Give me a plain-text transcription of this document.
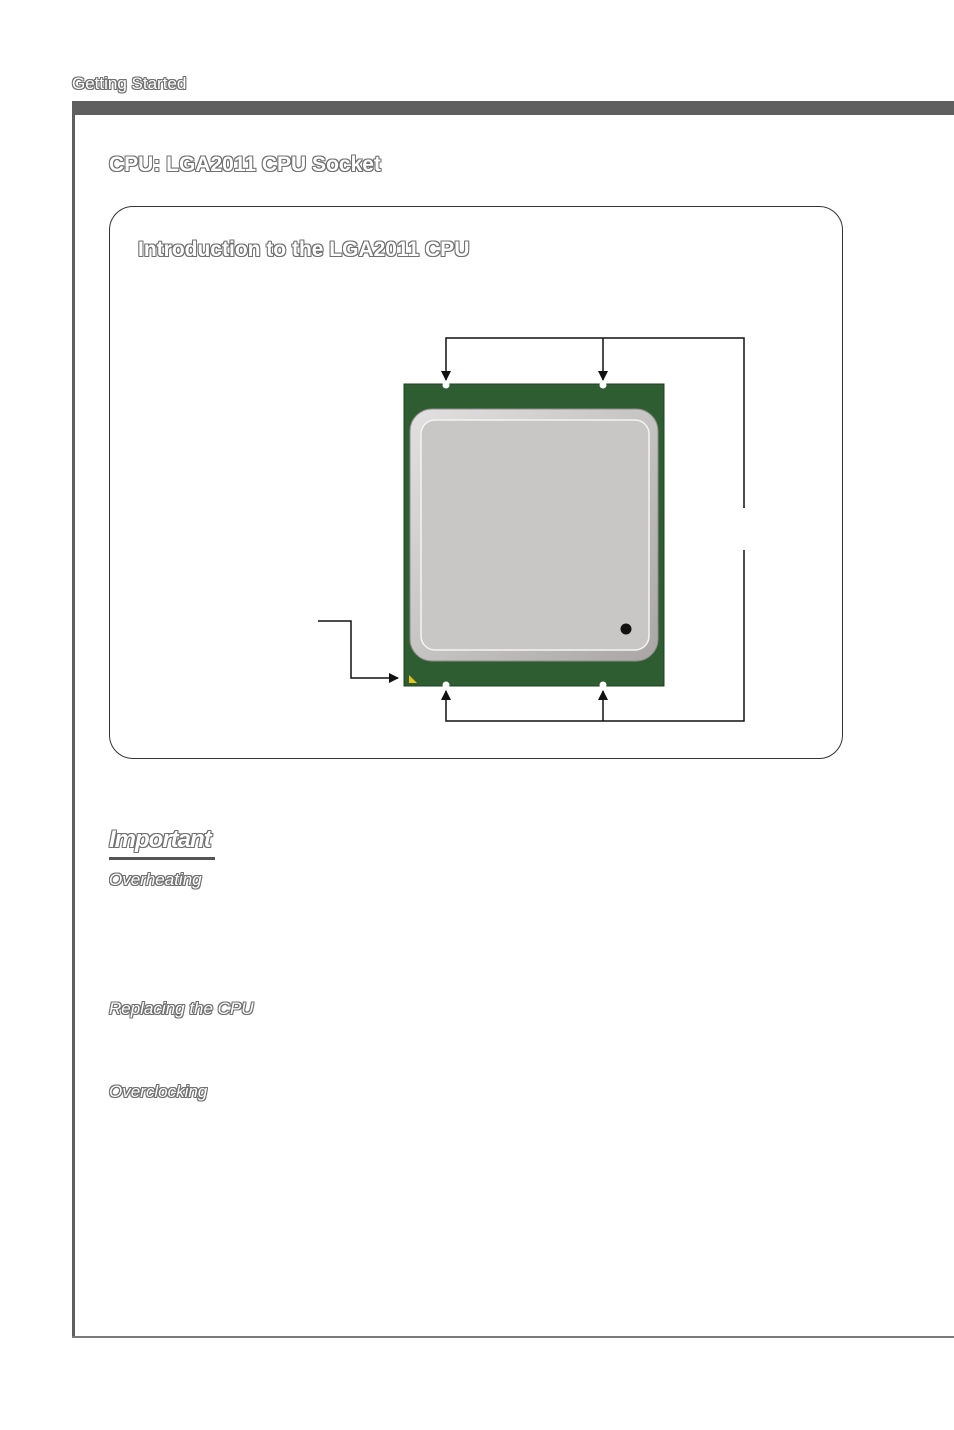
Getting Started
CPU: LGA2011 CPU Socket
Introduction to the LGA2011 CPU
Important
Overheating
Replacing the CPU
Overclocking
